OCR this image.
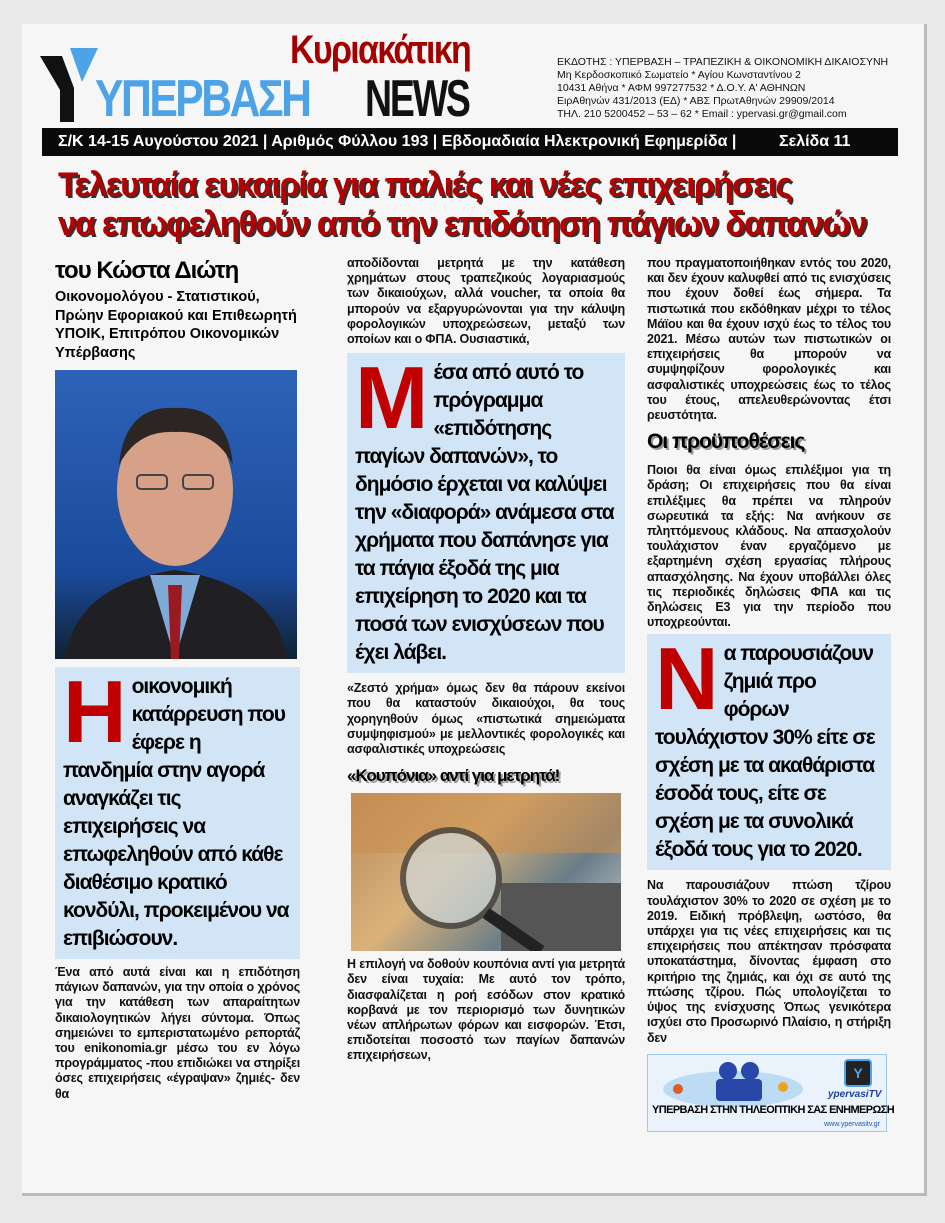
Κυριακάτικη
ΥΠΕΡΒΑΣΗ NEWS
ΕΚΔΟΤΗΣ : ΥΠΕΡΒΑΣΗ – ΤΡΑΠΕΖΙΚΗ & ΟΙΚΟΝΟΜΙΚΗ ΔΙΚΑΙΟΣΥΝΗ
Μη Κερδοσκοπικό Σωματείο * Αγίου Κωνσταντίνου 2
10431 Αθήνα * ΑΦΜ 997277532 * Δ.Ο.Υ. Α' ΑΘΗΝΩΝ
ΕιρΑθηνών 431/2013 (ΕΔ) * ΑΒΣ ΠρωτΑθηνών 29909/2014
ΤΗΛ. 210 5200452 – 53 – 62 * Email : ypervasi.gr@gmail.com
Σ/Κ 14-15 Αυγούστου 2021 | Αριθμός Φύλλου 193 | Εβδομαδιαία Ηλεκτρονική Εφημερίδα |	Σελίδα 11
Τελευταία ευκαιρία για παλιές και νέες επιχειρήσεις
να επωφεληθούν από την επιδότηση πάγιων δαπανών
του Κώστα Διώτη
Οικονομολόγου - Στατιστικού, Πρώην Εφοριακού και Επιθεωρητή ΥΠΟΙΚ, Επιτρόπου Οικονομικών Υπέρβασης
Ηοικονομική κατάρρευση που έφερε η πανδημία στην αγορά αναγκάζει τις επιχειρήσεις να επωφεληθούν από κάθε διαθέσιμο κρατικό κονδύλι, προκειμένου να επιβιώσουν.
Ένα από αυτά είναι και η επιδότηση πάγιων δαπανών, για την οποία ο χρόνος για την κατάθεση των απαραίτητων δικαιολογητικών λήγει σύντομα. Όπως σημειώνει το εμπεριστατωμένο ρεπορτάζ του enikonomia.gr μέσω του εν λόγω προγράμματος -που επιδιώκει να στηρίξει όσες επιχειρήσεις «έγραψαν» ζημιές- δεν θα
αποδίδονται μετρητά με την κατάθεση χρημάτων στους τραπεζικούς λογαριασμούς των δικαιούχων, αλλά voucher, τα οποία θα μπορούν να εξαργυρώνονται για την κάλυψη φορολογικών υποχρεώσεων, μεταξύ των οποίων και ο ΦΠΑ. Ουσιαστικά,
Μέσα από αυτό το πρόγραμμα «επιδότησης παγίων δαπανών», το δημόσιο έρχεται να καλύψει την «διαφορά» ανάμεσα στα χρήματα που δαπάνησε για τα πάγια έξοδά της μια επιχείρηση το 2020 και τα ποσά των ενισχύσεων που έχει λάβει.
«Ζεστό χρήμα» όμως δεν θα πάρουν εκείνοι που θα καταστούν δικαιούχοι, θα τους χορηγηθούν όμως «πιστωτικά σημειώματα συμψηφισμού» με μελλοντικές φορολογικές και ασφαλιστικές υποχρεώσεις
«Κουπόνια» αντί για μετρητά!
Η επιλογή να δοθούν κουπόνια αντί για μετρητά δεν είναι τυχαία: Με αυτό τον τρόπο, διασφαλίζεται η ροή εσόδων στον κρατικό κορβανά με τον περιορισμό των δυνητικών νέων απλήρωτων φόρων και εισφορών. Έτσι, επιδοτείται ποσοστό των παγίων δαπανών επιχειρήσεων,
που πραγματοποιήθηκαν εντός του 2020, και δεν έχουν καλυφθεί από τις ενισχύσεις που έχουν δοθεί έως σήμερα. Τα πιστωτικά που εκδόθηκαν μέχρι το τέλος Μάϊου και θα έχουν ισχύ έως το τέλος του 2021. Μέσω αυτών των πιστωτικών οι επιχειρήσεις θα μπορούν να συμψηφίζουν φορολογικές και ασφαλιστικές υποχρεώσεις έως το τέλος του έτους, απελευθερώνοντας έτσι ρευστότητα.
Οι προϋποθέσεις
Ποιοι θα είναι όμως επιλέξιμοι για τη δράση; Οι επιχειρήσεις που θα είναι επιλέξιμες θα πρέπει να πληρούν σωρευτικά τα εξής: Να ανήκουν σε πληττόμενους κλάδους. Να απασχολούν τουλάχιστον έναν εργαζόμενο με εξαρτημένη σχέση εργασίας πλήρους απασχόλησης. Να έχουν υποβάλλει όλες τις περιοδικές δηλώσεις ΦΠΑ και τις δηλώσεις Ε3 για την περίοδο που υποχρεούνται.
Να παρουσιάζουν ζημιά προ φόρων τουλάχιστον 30% είτε σε σχέση με τα ακαθάριστα έσοδά τους, είτε σε σχέση με τα συνολικά έξοδά τους για το 2020.
Να παρουσιάζουν πτώση τζίρου τουλάχιστον 30% το 2020 σε σχέση με το 2019. Ειδική πρόβλεψη, ωστόσο, θα υπάρχει για τις νέες επιχειρήσεις και τις επιχειρήσεις που απέκτησαν πρόσφατα υποκατάστημα, δίνοντας έμφαση στο κριτήριο της ζημιάς, και όχι σε αυτό της πτώσης τζίρου. Πώς υπολογίζεται το ύψος της ενίσχυσης Όπως γενικότερα ισχύει στο Προσωρινό Πλαίσιο, η στήριξη δεν
Y
ypervasiTV
ΥΠΕΡΒΑΣΗ ΣΤΗΝ ΤΗΛΕΟΠΤΙΚΗ ΣΑΣ ΕΝΗΜΕΡΩΣΗ
www.ypervasitv.gr
